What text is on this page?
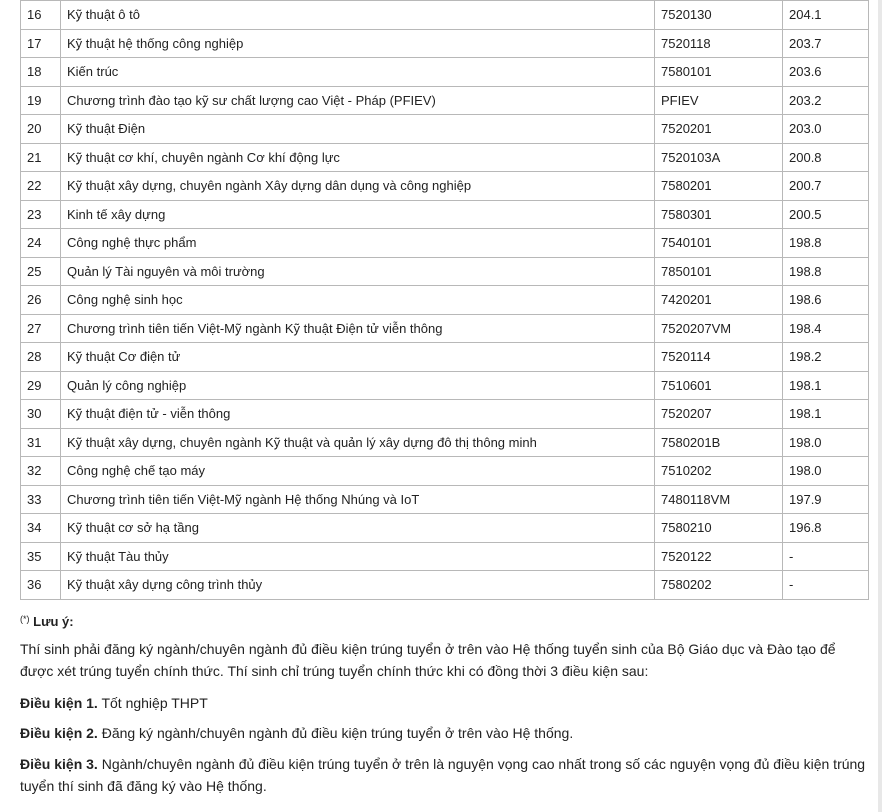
16	Kỹ thuật ô tô	7520130	204.1
17	Kỹ thuật hệ thống công nghiệp	7520118	203.7
18	Kiến trúc	7580101	203.6
19	Chương trình đào tạo kỹ sư chất lượng cao Việt - Pháp (PFIEV)	PFIEV	203.2
20	Kỹ thuật Điện	7520201	203.0
21	Kỹ thuật cơ khí, chuyên ngành Cơ khí động lực	7520103A	200.8
22	Kỹ thuật xây dựng, chuyên ngành Xây dựng dân dụng và công nghiệp	7580201	200.7
23	Kinh tế xây dựng	7580301	200.5
24	Công nghệ thực phẩm	7540101	198.8
25	Quản lý Tài nguyên và môi trường	7850101	198.8
26	Công nghệ sinh học	7420201	198.6
27	Chương trình tiên tiến Việt-Mỹ ngành Kỹ thuật Điện tử viễn thông	7520207VM	198.4
28	Kỹ thuật Cơ điện tử	7520114	198.2
29	Quản lý công nghiệp	7510601	198.1
30	Kỹ thuật điện tử - viễn thông	7520207	198.1
31	Kỹ thuật xây dựng, chuyên ngành Kỹ thuật và quản lý xây dựng đô thị thông minh	7580201B	198.0
32	Công nghệ chế tạo máy	7510202	198.0
33	Chương trình tiên tiến Việt-Mỹ ngành Hệ thống Nhúng và IoT	7480118VM	197.9
34	Kỹ thuật cơ sở hạ tầng	7580210	196.8
35	Kỹ thuật Tàu thủy	7520122	-
36	Kỹ thuật xây dựng công trình thủy	7580202	-
(*) Lưu ý:
Thí sinh phải đăng ký ngành/chuyên ngành đủ điều kiện trúng tuyển ở trên vào Hệ thống tuyển sinh của Bộ Giáo dục và Đào tạo để được xét trúng tuyển chính thức. Thí sinh chỉ trúng tuyển chính thức khi có đồng thời 3 điều kiện sau:
Điều kiện 1. Tốt nghiệp THPT
Điều kiện 2. Đăng ký ngành/chuyên ngành đủ điều kiện trúng tuyển ở trên vào Hệ thống.
Điều kiện 3. Ngành/chuyên ngành đủ điều kiện trúng tuyển ở trên là nguyện vọng cao nhất trong số các nguyện vọng đủ điều kiện trúng tuyển thí sinh đã đăng ký vào Hệ thống.
